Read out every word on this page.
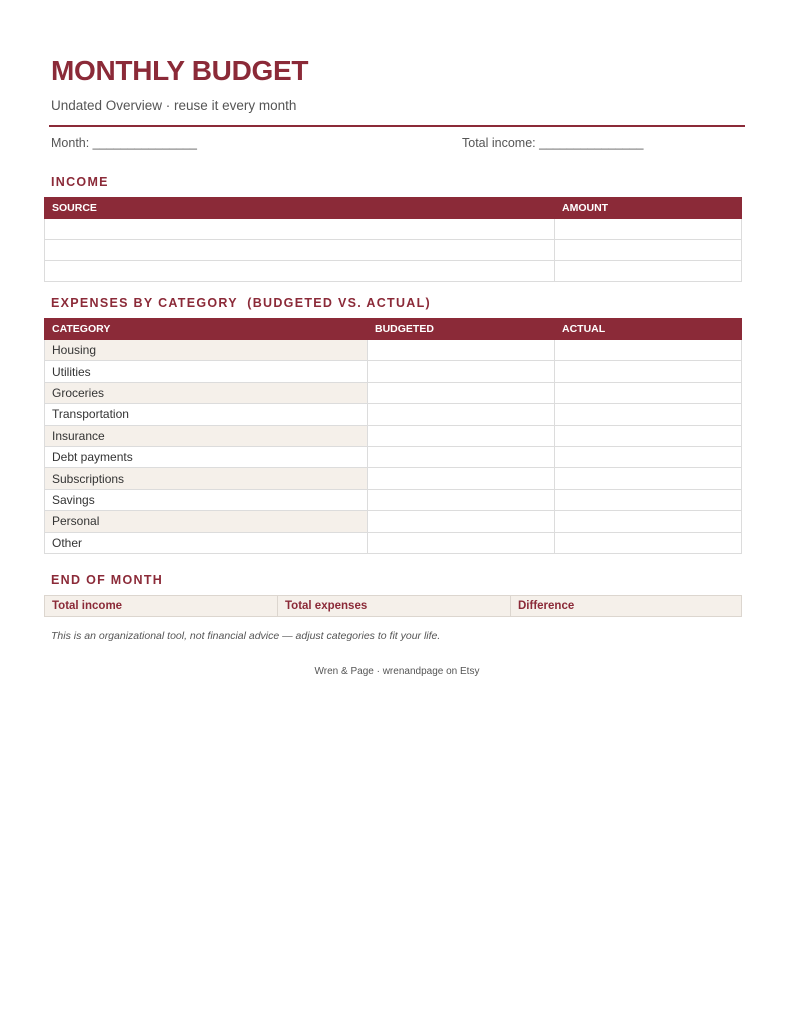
MONTHLY BUDGET
Undated Overview · reuse it every month
Month: _______________	Total income: _______________
INCOME
SOURCE	AMOUNT

EXPENSES BY CATEGORY  (BUDGETED VS. ACTUAL)
CATEGORY	BUDGETED	ACTUAL
Housing		
Utilities		
Groceries		
Transportation		
Insurance		
Debt payments		
Subscriptions		
Savings		
Personal		
Other		
END OF MONTH
Total income	Total expenses	Difference
This is an organizational tool, not financial advice — adjust categories to fit your life.
Wren & Page · wrenandpage on Etsy
